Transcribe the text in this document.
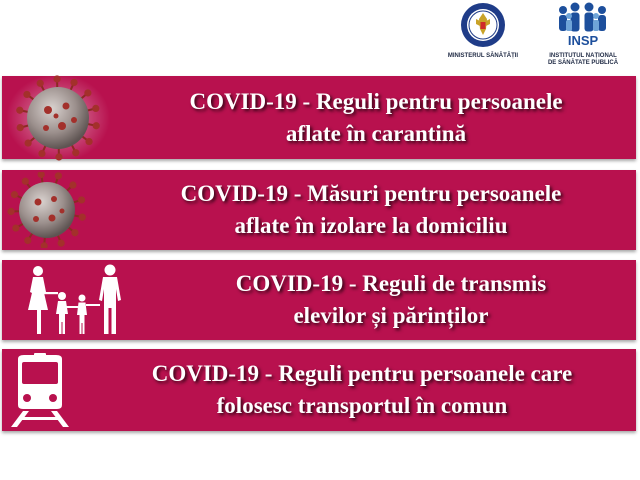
MINISTERUL SĂNĂTĂȚII
INSP
INSTITUTUL NAȚIONAL
DE SĂNĂTATE PUBLICĂ
COVID-19 - Reguli pentru persoanele
aflate în carantină
COVID-19 - Măsuri pentru persoanele
aflate în izolare la domiciliu
COVID-19 - Reguli de transmis
elevilor și părinților
COVID-19 - Reguli pentru persoanele care
folosesc transportul în comun
